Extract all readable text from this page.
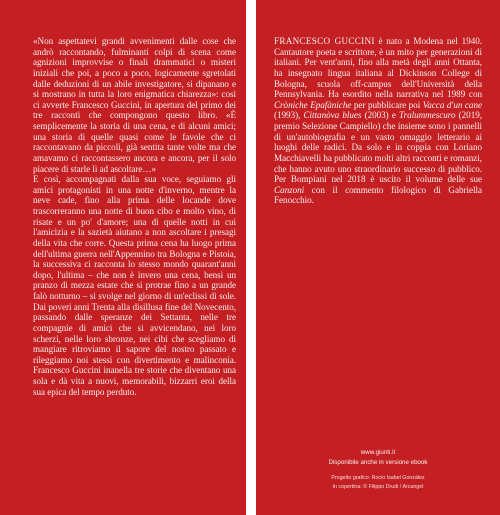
«Non aspettatevi grandi avvenimenti dalle cose che andrò raccontando, fulminanti colpi di scena come agnizioni improvvise o finali drammatici o misteri iniziali che poi, a poco a poco, logicamente sgretolati dalle deduzioni di un abile investigatore, si dipanano e si mostrano in tutta la loro enigmatica chiarezza»: così ci avverte Francesco Guccini, in apertura del primo dei tre racconti che compongono questo libro. «È semplicemente la storia di una cena, e di alcuni amici; una storia di quelle quasi come le favole che ci raccontavano da piccoli, già sentita tante volte ma che amavamo ci raccontassero ancora e ancora, per il solo piacere di starle lì ad ascoltare…»

E così, accompagnati dalla sua voce, seguiamo gli amici protagonisti in una notte d'inverno, mentre la neve cade, fino alla prima delle locande dove trascorreranno una notte di buon cibo e molto vino, di risate e un po' d'amore; una di quelle notti in cui l'amicizia e la sazietà aiutano a non ascoltare i presagi della vita che corre. Questa prima cena ha luogo prima dell'ultima guerra nell'Appennino tra Bologna e Pistoia, la successiva ci racconta lo stesso mondo quarant'anni dopo, l'ultima – che non è invero una cena, bensì un pranzo di mezza estate che si protrae fino a un grande falò notturno – si svolge nel giorno di un'eclissi di sole. Dai poveri anni Trenta alla disillusa fine del Novecento, passando dalle speranze dei Settanta, nelle tre compagnie di amici che si avvicendano, nei loro scherzi, nelle loro sbronze, nei cibi che scegliamo di mangiare ritroviamo il sapore del nostro passato e rileggiamo noi stessi con divertimento e malinconia. Francesco Guccini inanella tre storie che diventano una sola e dà vita a nuovi, memorabili, bizzarri eroi della sua epica del tempo perduto.

FRANCESCO GUCCINI è nato a Modena nel 1940. Cantautore poeta e scrittore, è un mito per generazioni di italiani. Per vent'anni, fino alla metà degli anni Ottanta, ha insegnato lingua italiana al Dickinson College di Bologna, scuola off-campus dell'Università della Pennsylvania. Ha esordito nella narrativa nel 1989 con Cròniche Epafàniche per pubblicare poi Vacca d'un cane (1993), Cittanòva blues (2003) e Tralummescuro (2019, premio Selezione Campiello) che insieme sono i pannelli di un'autobiografia e un vasto omaggio letterario ai luoghi delle radici. Da solo e in coppia con Loriano Macchiavelli ha pubblicato molti altri racconti e romanzi, che hanno avuto uno straordinario successo di pubblico. Per Bompiani nel 2018 è uscito il volume delle sue Canzoni con il commento filologico di Gabriella Fenocchio.

www.giunti.it
Disponibile anche in versione ebook
Progetto grafico: Rocio Isabel González
In copertina: © Filippo Drudi / Arcangel
